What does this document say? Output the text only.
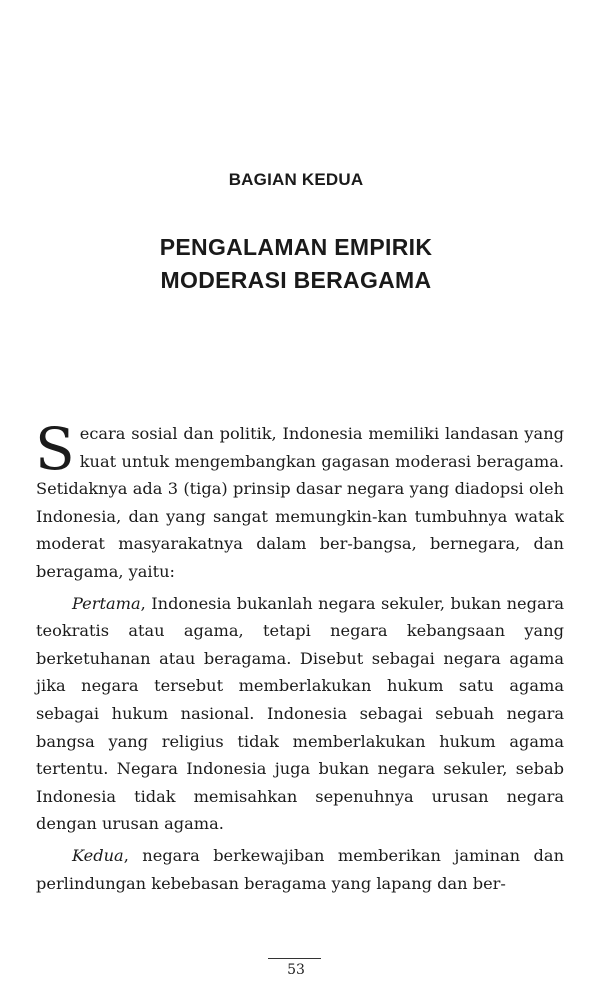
BAGIAN KEDUA
PENGALAMAN EMPIRIK
MODERASI BERAGAMA

Secara sosial dan politik, Indonesia memiliki landasan yang kuat untuk mengembangkan gagasan moderasi beragama. Setidaknya ada 3 (tiga) prinsip dasar negara yang diadopsi oleh Indonesia, dan yang sangat memungkin-kan tumbuhnya watak moderat masyarakatnya dalam ber-bangsa, bernegara, dan beragama, yaitu:

Pertama, Indonesia bukanlah negara sekuler, bukan negara teokratis atau agama, tetapi negara kebangsaan yang berketuhanan atau beragama. Disebut sebagai negara agama jika negara tersebut memberlakukan hukum satu agama sebagai hukum nasional. Indonesia sebagai sebuah negara bangsa yang religius tidak memberlakukan hukum agama tertentu. Negara Indonesia juga bukan negara sekuler, sebab Indonesia tidak memisahkan sepenuhnya urusan negara dengan urusan agama.

Kedua, negara berkewajiban memberikan jaminan dan perlindungan kebebasan beragama yang lapang dan ber-

53
